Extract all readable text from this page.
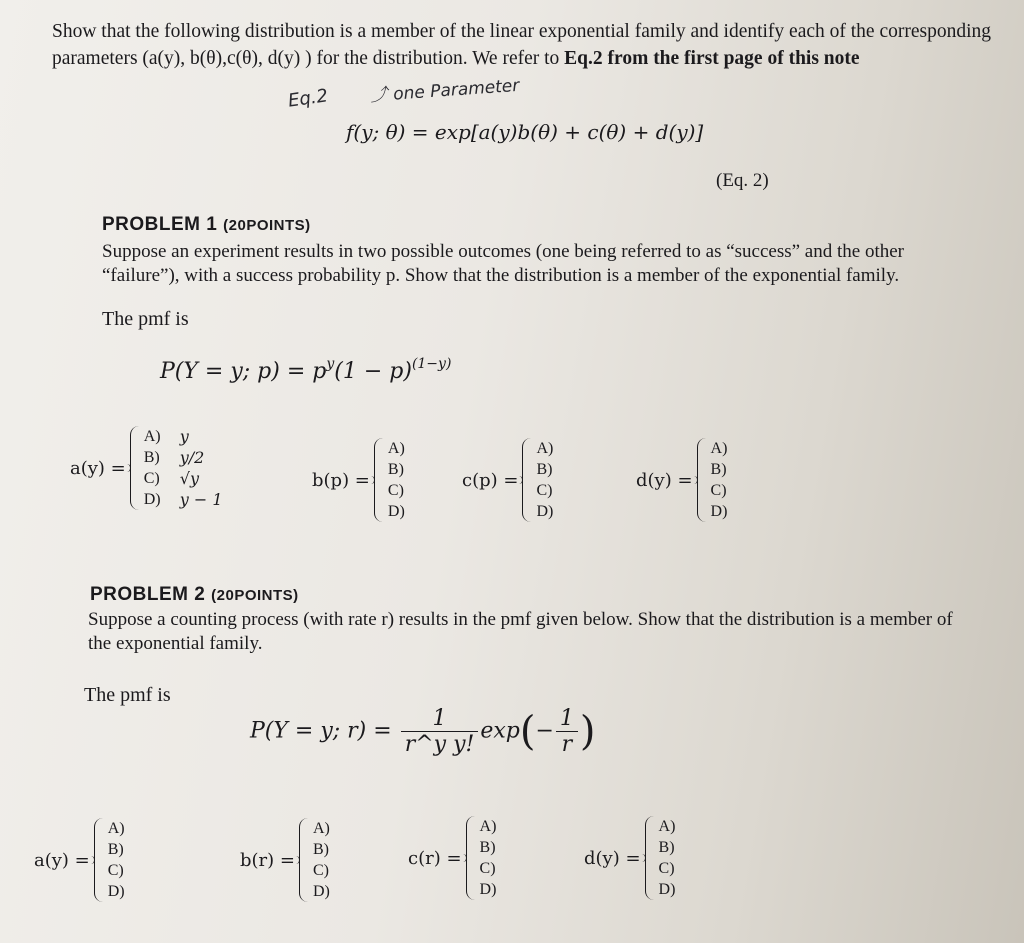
Show that the following distribution is a member of the linear exponential family and identify each of the corresponding parameters (a(y), b(θ),c(θ), d(y) ) for the distribution. We refer to Eq.2 from the first page of this note
Eq.2 ⤴ one Parameter
f(y; θ) = exp[a(y)b(θ) + c(θ) + d(y)]
(Eq. 2)
PROBLEM 1 (20POINTS)
Suppose an experiment results in two possible outcomes (one being referred to as “success” and the other “failure”), with a success probability p. Show that the distribution is a member of the exponential family.
The pmf is
P(Y = y; $p) = p^y(1 - p)^{(1-y)}$
a(y) =
A)	y
B)	y/2
C)	√y
D)	y − 1
b(p) =
A)
B)
C)
D)
c(p) =
A)
B)
C)
D)
d(y) =
A)
B)
C)
D)
PROBLEM 2 (20POINTS)
Suppose a counting process (with rate r) results in the pmf given below. Show that the distribution is a member of the exponential family.
The pmf is
P(Y = y; $r) = \frac{1}{\text{r\textasciicircum{}y y!}} \exp(- \frac{1}{r}$ )
a(y) =
A)
B)
C)
D)
b(r) =
A)
B)
C)
D)
c(r) =
A)
B)
C)
D)
d(y) =
A)
B)
C)
D)
